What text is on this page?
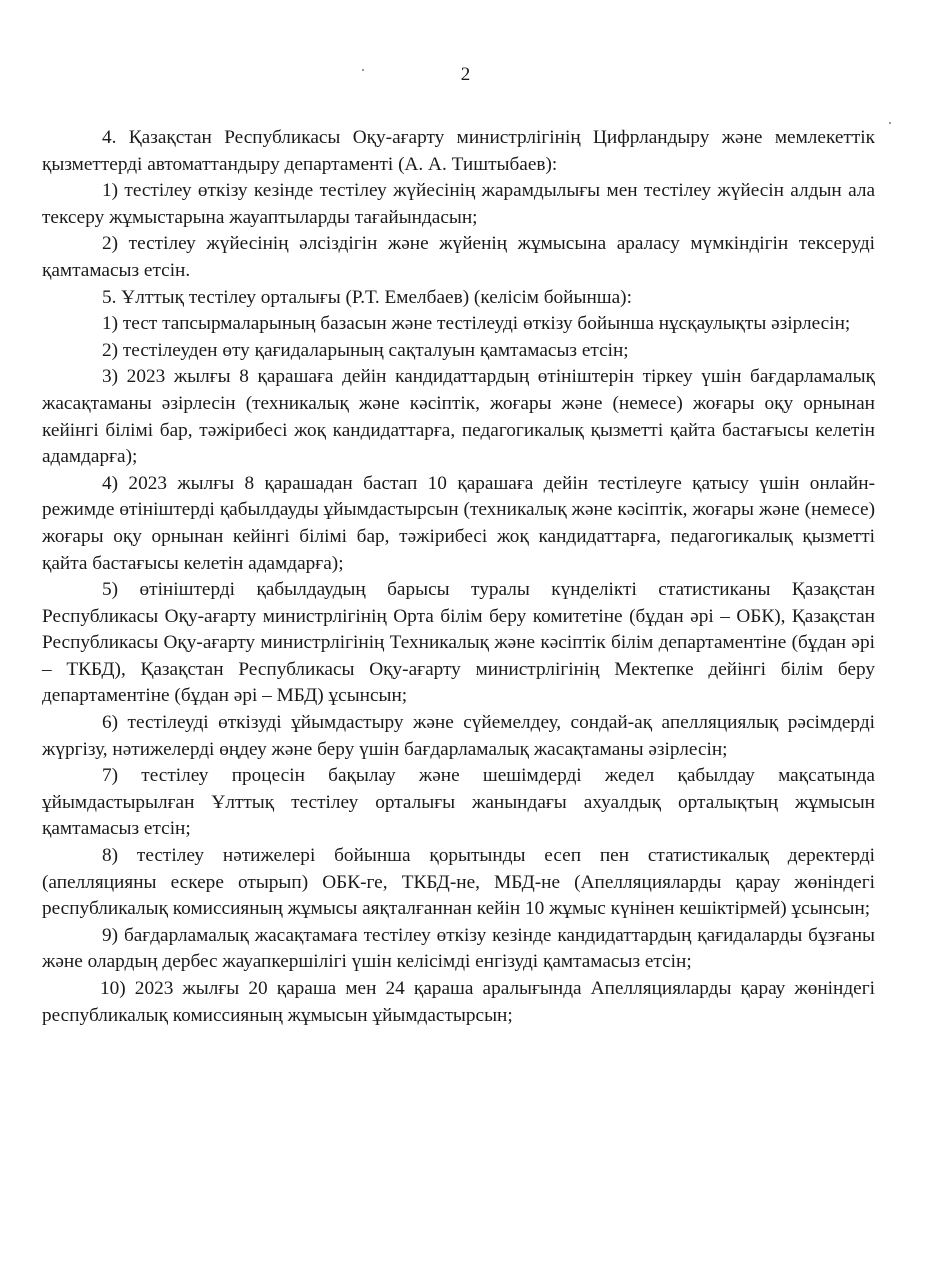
2

4. Қазақстан Республикасы Оқу-ағарту министрлігінің Цифрландыру және мемлекеттік қызметтерді автоматтандыру департаменті (А. А. Тиштыбаев):

1) тестілеу өткізу кезінде тестілеу жүйесінің жарамдылығы мен тестілеу жүйесін алдын ала тексеру жұмыстарына жауаптыларды тағайындасын;

2) тестілеу жүйесінің әлсіздігін және жүйенің жұмысына араласу мүмкіндігін тексеруді қамтамасыз етсін.

5. Ұлттық тестілеу орталығы (Р.Т. Емелбаев) (келісім бойынша):

1) тест тапсырмаларының базасын және тестілеуді өткізу бойынша нұсқаулықты әзірлесін;

2) тестілеуден өту қағидаларының сақталуын қамтамасыз етсін;

3) 2023 жылғы 8 қарашаға дейін кандидаттардың өтініштерін тіркеу үшін бағдарламалық жасақтаманы әзірлесін (техникалық және кәсіптік, жоғары және (немесе) жоғары оқу орнынан кейінгі білімі бар, тәжірибесі жоқ кандидаттарға, педагогикалық қызметті қайта бастағысы келетін адамдарға);

4) 2023 жылғы 8 қарашадан бастап 10 қарашаға дейін тестілеуге қатысу үшін онлайн-режимде өтініштерді қабылдауды ұйымдастырсын (техникалық және кәсіптік, жоғары және (немесе) жоғары оқу орнынан кейінгі білімі бар, тәжірибесі жоқ кандидаттарға, педагогикалық қызметті қайта бастағысы келетін адамдарға);

5) өтініштерді қабылдаудың барысы туралы күнделікті статистиканы Қазақстан Республикасы Оқу-ағарту министрлігінің Орта білім беру комитетіне (бұдан әрі – ОБК), Қазақстан Республикасы Оқу-ағарту министрлігінің Техникалық және кәсіптік білім департаментіне (бұдан әрі – ТКБД), Қазақстан Республикасы Оқу-ағарту министрлігінің Мектепке дейінгі білім беру департаментіне (бұдан әрі – МБД) ұсынсын;

6) тестілеуді өткізуді ұйымдастыру және сүйемелдеу, сондай-ақ апелляциялық рәсімдерді жүргізу, нәтижелерді өңдеу және беру үшін бағдарламалық жасақтаманы әзірлесін;

7) тестілеу процесін бақылау және шешімдерді жедел қабылдау мақсатында ұйымдастырылған Ұлттық тестілеу орталығы жанындағы ахуалдық орталықтың жұмысын қамтамасыз етсін;

8) тестілеу нәтижелері бойынша қорытынды есеп пен статистикалық деректерді (апелляцияны ескере отырып) ОБК-ге, ТКБД-не, МБД-не (Апелляцияларды қарау жөніндегі республикалық комиссияның жұмысы аяқталғаннан кейін 10 жұмыс күнінен кешіктірмей) ұсынсын;

9) бағдарламалық жасақтамаға тестілеу өткізу кезінде кандидаттардың қағидаларды бұзғаны және олардың дербес жауапкершілігі үшін келісімді енгізуді қамтамасыз етсін;

10) 2023 жылғы 20 қараша мен 24 қараша аралығында Апелляцияларды қарау жөніндегі республикалық комиссияның жұмысын ұйымдастырсын;
